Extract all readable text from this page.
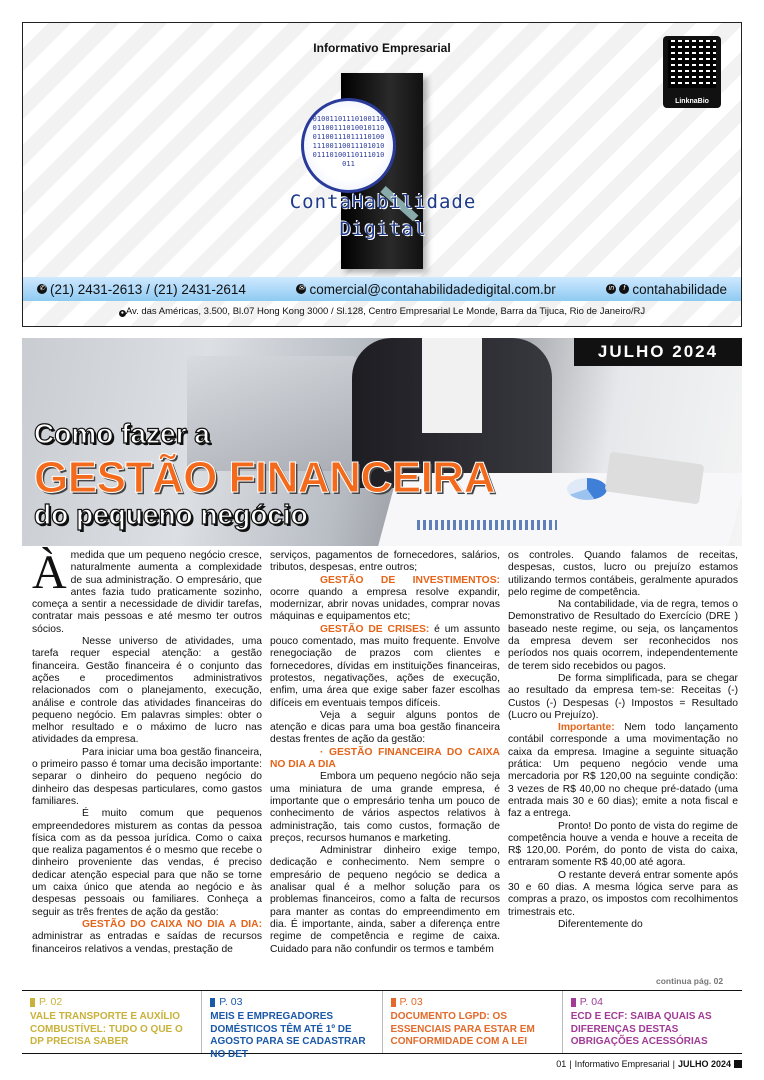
Informativo Empresarial
LinknaBio
0100110111010011001100111010010110011001110111101001110011001110101001110100110111010011
ContaHabilidade
Digital
✆ (21) 2431-2613 / (21) 2431-2614	✉ comercial@contahabilidadedigital.com.br	in	f contahabilidade
● Av. das Américas, 3.500, Bl.07 Hong Kong 3000 / Sl.128, Centro Empresarial Le Monde, Barra da Tijuca, Rio de Janeiro/RJ
JULHO 2024
Como fazer a
GESTÃO FINANCEIRA
do pequeno negócio

Àmedida que um pequeno negócio cresce, naturalmente aumenta a complexidade de sua administração. O empresário, que antes fazia tudo praticamente sozinho, começa a sentir a necessidade de dividir tarefas, contratar mais pessoas e até mesmo ter outros sócios.

Nesse universo de atividades, uma tarefa requer especial atenção: a gestão financeira. Gestão financeira é o conjunto das ações e procedimentos administrativos relacionados com o planejamento, execução, análise e controle das atividades financeiras do pequeno negócio. Em palavras simples: obter o melhor resultado e o máximo de lucro nas atividades da empresa.

Para iniciar uma boa gestão financeira, o primeiro passo é tomar uma decisão importante: separar o dinheiro do pequeno negócio do dinheiro das despesas particulares, como gastos familiares.

É muito comum que pequenos empreendedores misturem as contas da pessoa física com as da pessoa jurídica. Como o caixa que realiza pagamentos é o mesmo que recebe o dinheiro proveniente das vendas, é preciso dedicar atenção especial para que não se torne um caixa único que atenda ao negócio e às despesas pessoais ou familiares. Conheça a seguir as três frentes de ação da gestão:

GESTÃO DO CAIXA NO DIA A DIA: administrar as entradas e saídas de recursos financeiros relativos a vendas, prestação de

serviços, pagamentos de fornecedores, salários, tributos, despesas, entre outros;

GESTÃO DE INVESTIMENTOS: ocorre quando a empresa resolve expandir, modernizar, abrir novas unidades, comprar novas máquinas e equipamentos etc;

GESTÃO DE CRISES: é um assunto pouco comentado, mas muito frequente. Envolve renegociação de prazos com clientes e fornecedores, dívidas em instituições financeiras, protestos, negativações, ações de execução, enfim, uma área que exige saber fazer escolhas difíceis em eventuais tempos difíceis.

Veja a seguir alguns pontos de atenção e dicas para uma boa gestão financeira destas frentes de ação da gestão:

· GESTÃO FINANCEIRA DO CAIXA NO DIA A DIA

Embora um pequeno negócio não seja uma miniatura de uma grande empresa, é importante que o empresário tenha um pouco de conhecimento de vários aspectos relativos à administração, tais como custos, formação de preços, recursos humanos e marketing.

Administrar dinheiro exige tempo, dedicação e conhecimento. Nem sempre o empresário de pequeno negócio se dedica a analisar qual é a melhor solução para os problemas financeiros, como a falta de recursos para manter as contas do empreendimento em dia. É importante, ainda, saber a diferença entre regime de competência e regime de caixa. Cuidado para não confundir os termos e também

os controles. Quando falamos de receitas, despesas, custos, lucro ou prejuízo estamos utilizando termos contábeis, geralmente apurados pelo regime de competência.

Na contabilidade, via de regra, temos o Demonstrativo de Resultado do Exercício (DRE ) baseado neste regime, ou seja, os lançamentos da empresa devem ser reconhecidos nos períodos nos quais ocorrem, independentemente de terem sido recebidos ou pagos.

De forma simplificada, para se chegar ao resultado da empresa tem-se: Receitas (-) Custos (-) Despesas (-) Impostos = Resultado (Lucro ou Prejuízo).

Importante: Nem todo lançamento contábil corresponde a uma movimentação no caixa da empresa. Imagine a seguinte situação prática: Um pequeno negócio vende uma mercadoria por R$ 120,00 na seguinte condição: 3 vezes de R$ 40,00 no cheque pré-datado (uma entrada mais 30 e 60 dias); emite a nota fiscal e faz a entrega.

Pronto! Do ponto de vista do regime de competência houve a venda e houve a receita de R$ 120,00. Porém, do ponto de vista do caixa, entraram somente R$ 40,00 até agora.

O restante deverá entrar somente após 30 e 60 dias. A mesma lógica serve para as compras a prazo, os impostos com recolhimentos trimestrais etc.

Diferentemente do

continua pág. 02
P. 02
VALE TRANSPORTE E AUXÍLIO COMBUSTÍVEL: TUDO O QUE O DP PRECISA SABER
P. 03
MEIS E EMPREGADORES DOMÉSTICOS TÊM ATÉ 1º DE AGOSTO PARA SE CADASTRAR NO DET
P. 03
DOCUMENTO LGPD: OS ESSENCIAIS PARA ESTAR EM CONFORMIDADE COM A LEI
P. 04
ECD E ECF: SAIBA QUAIS AS DIFERENÇAS DESTAS OBRIGAÇÕES ACESSÓRIAS
01 | Informativo Empresarial | JULHO 2024
